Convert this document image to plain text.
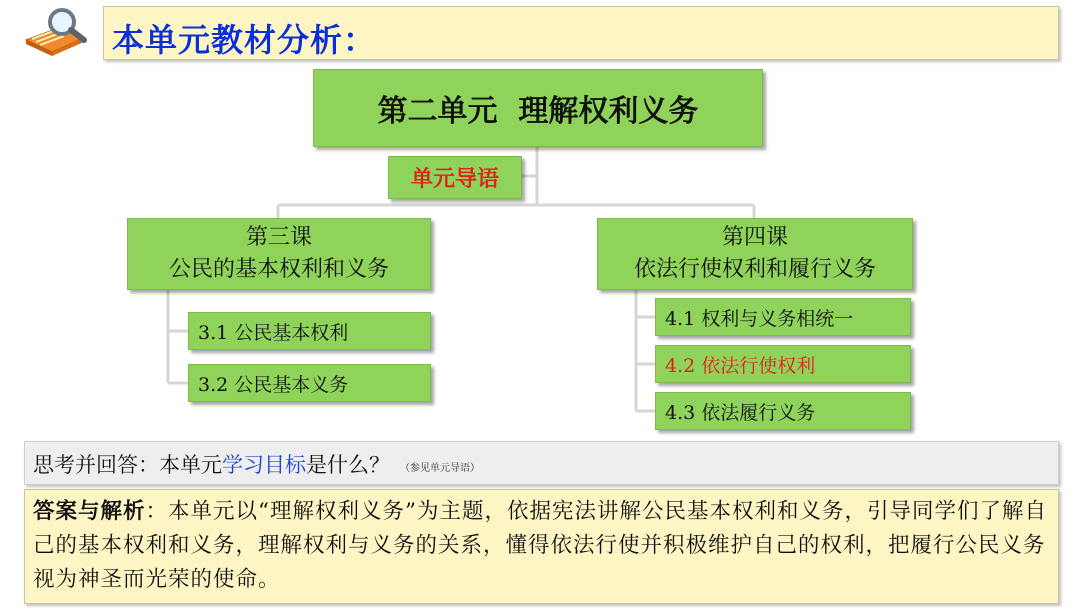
本单元教材分析：
第二单元  理解权利义务
单元导语
第三课
公民的基本权利和义务
第四课
依法行使权利和履行义务
3.1 公民基本权利
3.2 公民基本义务
4.1 权利与义务相统一
4.2 依法行使权利
4.3 依法履行义务
思考并回答：本单元学习目标是什么？ （参见单元导语）
答案与解析：本单元以“理解权利义务”为主题，依据宪法讲解公民基本权利和义务，引导同学们了解自己的基本权利和义务，理解权利与义务的关系，懂得依法行使并积极维护自己的权利，把履行公民义务视为神圣而光荣的使命。
